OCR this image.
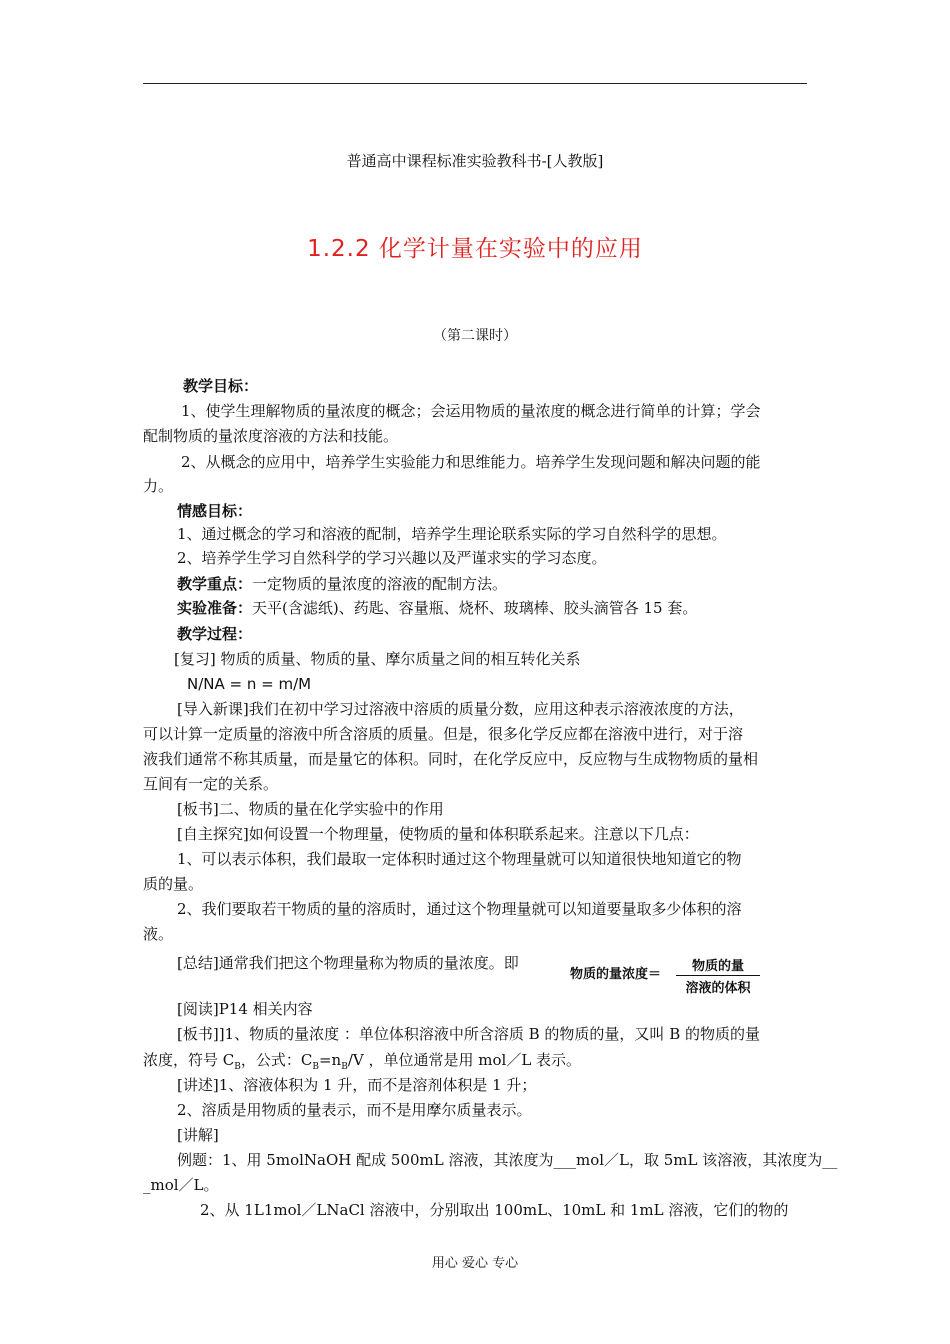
普通高中课程标准实验教科书-[人教版]
1.2.2 化学计量在实验中的应用
（第二课时）
教学目标：
1、使学生理解物质的量浓度的概念；会运用物质的量浓度的概念进行简单的计算；学会
配制物质的量浓度溶液的方法和技能。
2、从概念的应用中，培养学生实验能力和思维能力。培养学生发现问题和解决问题的能
力。
情感目标：
1、通过概念的学习和溶液的配制，培养学生理论联系实际的学习自然科学的思想。
2、培养学生学习自然科学的学习兴趣以及严谨求实的学习态度。
教学重点：一定物质的量浓度的溶液的配制方法。
实验准备：天平(含滤纸)、药匙、容量瓶、烧杯、玻璃棒、胶头滴管各 15 套。
教学过程：
[复习] 物质的质量、物质的量、摩尔质量之间的相互转化关系
N/NA = n = m/M
[导入新课]我们在初中学习过溶液中溶质的质量分数，应用这种表示溶液浓度的方法，
可以计算一定质量的溶液中所含溶质的质量。但是，很多化学反应都在溶液中进行，对于溶
液我们通常不称其质量，而是量它的体积。同时，在化学反应中，反应物与生成物物质的量相
互间有一定的关系。
[板书]二、物质的量在化学实验中的作用
[自主探究]如何设置一个物理量，使物质的量和体积联系起来。注意以下几点：
1、可以表示体积，我们最取一定体积时通过这个物理量就可以知道很快地知道它的物
质的量。
2、我们要取若干物质的量的溶质时，通过这个物理量就可以知道要量取多少体积的溶
液。
[总结]通常我们把这个物理量称为物质的量浓度。即
物质的量浓度＝
物质的量
溶液的体积
[阅读]P14 相关内容
[板书]]1、物质的量浓度 ：单位体积溶液中所含溶质 B 的物质的量，又叫 B 的物质的量
浓度，符号 $C_B$，公式：$C_B=n_B/V$ ，单位通常是用 mol／L 表示。
[讲述]1、溶液体积为 1 升，而不是溶剂体积是 1 升；
2、溶质是用物质的量表示，而不是用摩尔质量表示。
[讲解]
例题：1、用 5molNaOH 配成 500mL 溶液，其浓度为___mol／L，取 5mL 该溶液，其浓度为__
_mol／L。
2、从 1L1mol／LNaCl 溶液中，分别取出 100mL、10mL 和 1mL 溶液，它们的物的
用心 爱心 专心
